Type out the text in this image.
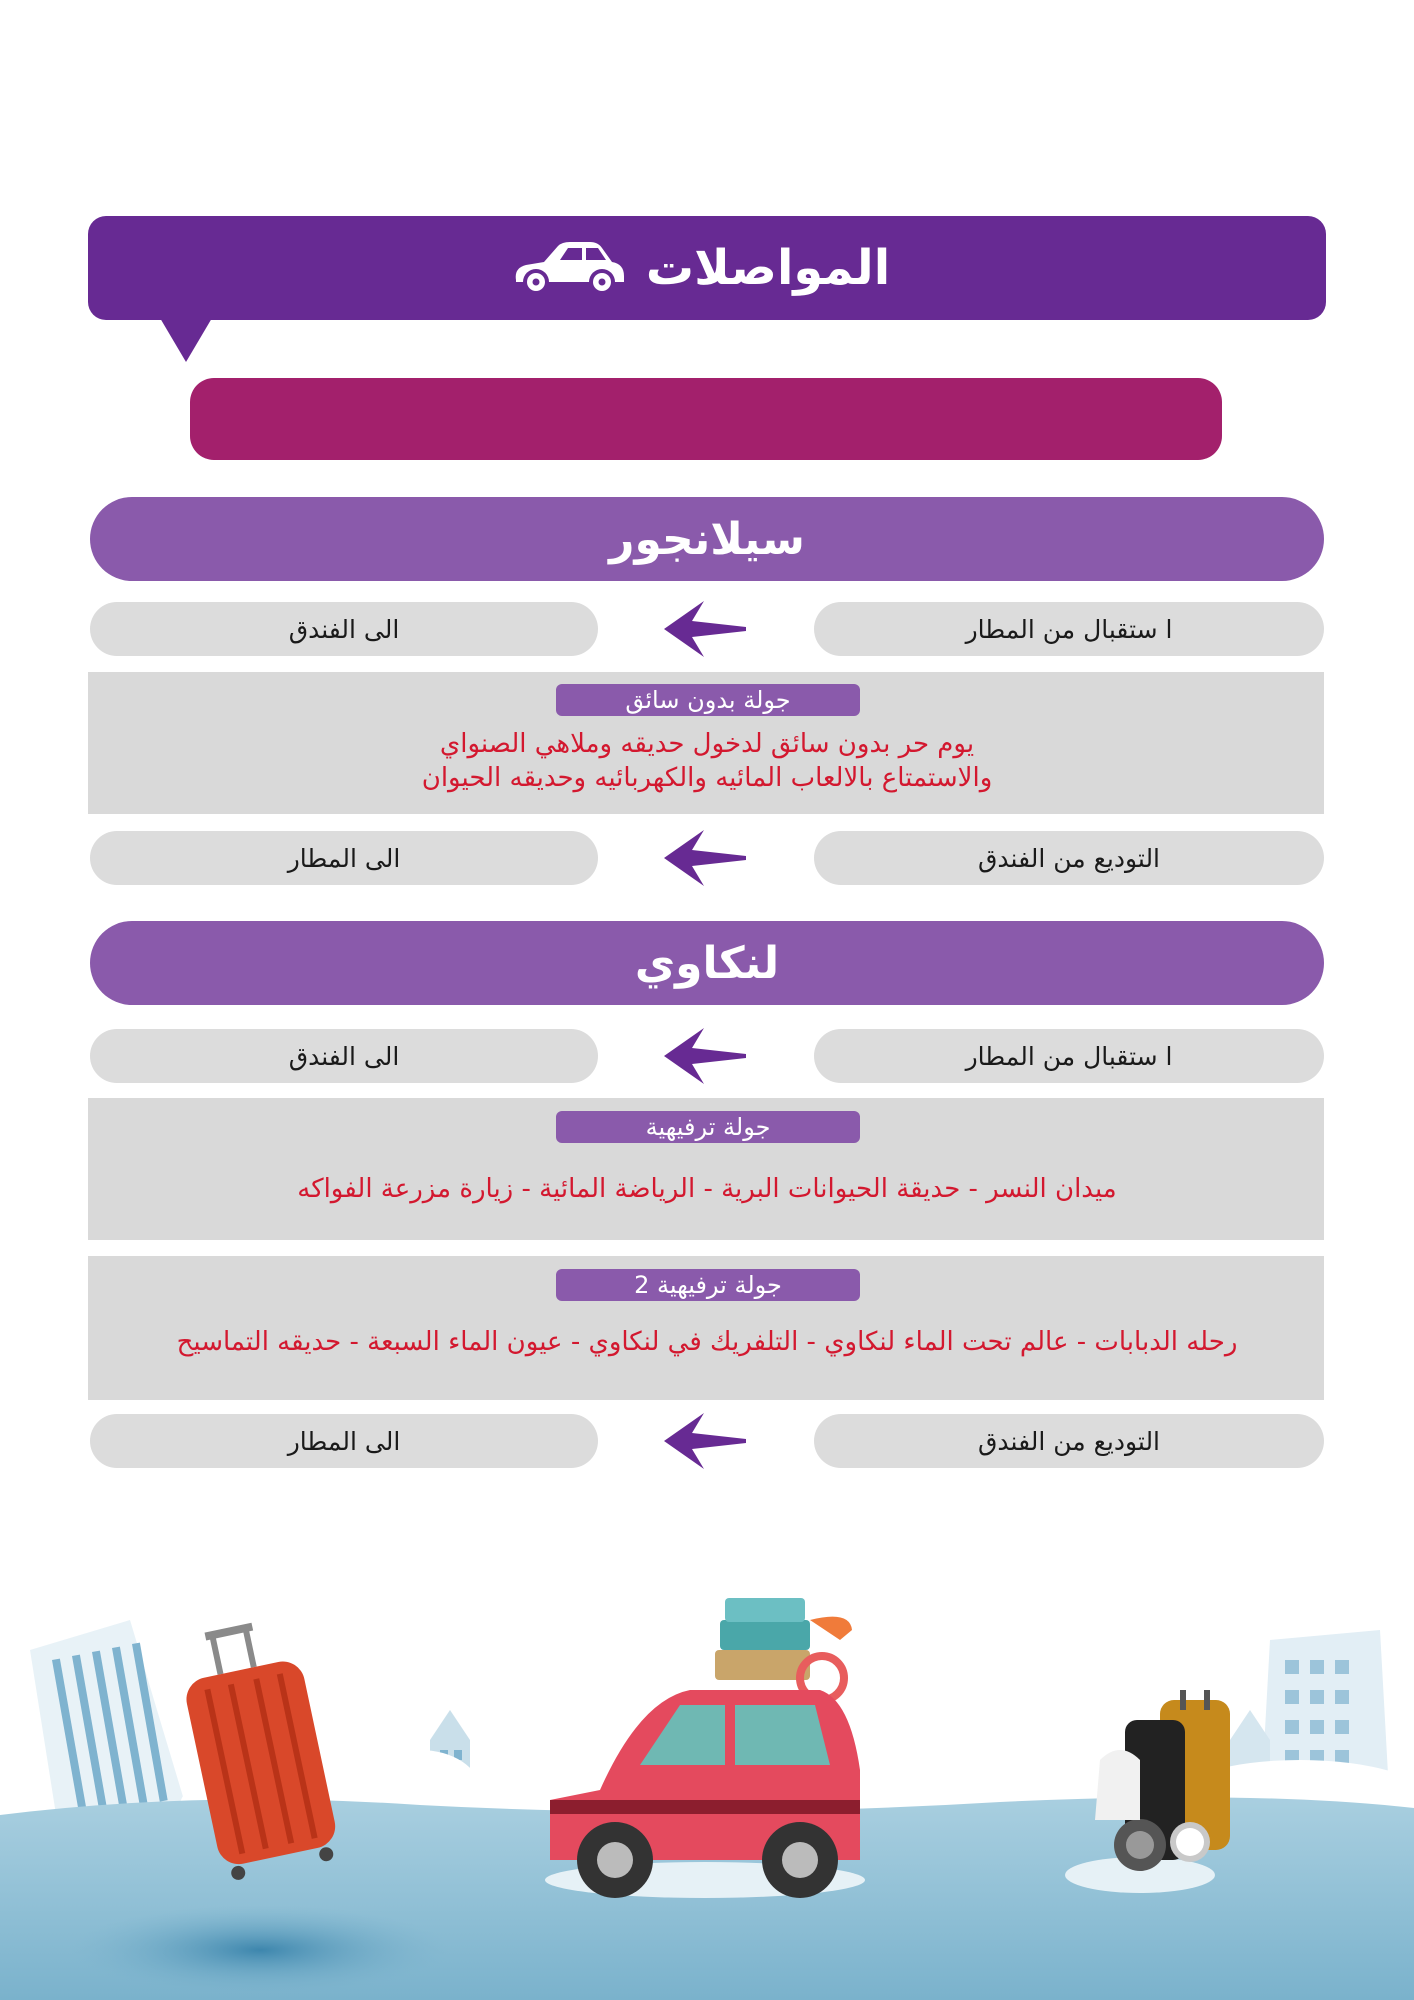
المواصلات
سيلانجور
ا ستقبال من المطار
الى الفندق
جولة بدون سائق
يوم حر بدون سائق لدخول حديقه وملاهي الصنواي
والاستمتاع بالالعاب المائيه والكهربائيه وحديقه الحيوان
التوديع من الفندق
الى المطار
لنكاوي
ا ستقبال من المطار
الى الفندق
جولة ترفيهية
ميدان النسر - حديقة الحيوانات البرية - الرياضة المائية - زيارة مزرعة الفواكه
جولة ترفيهية 2
رحله الدبابات - عالم تحت الماء لنكاوي - التلفريك في لنكاوي - عيون الماء السبعة - حديقه التماسيح
التوديع من الفندق
الى المطار
